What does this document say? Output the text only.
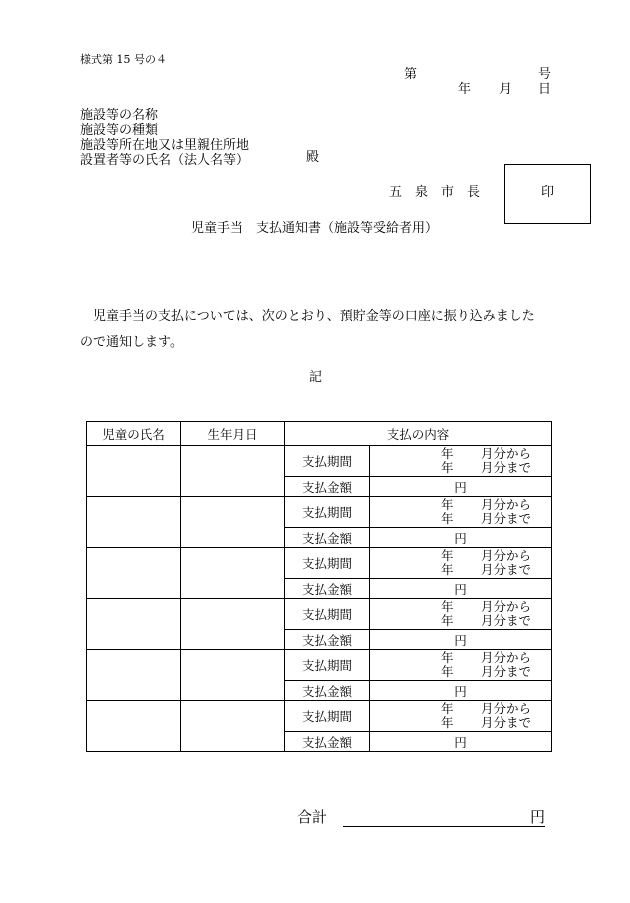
様式第 15 号の４
第	号
年 月 日
施設等の名称
施設等の種類
施設等所在地又は里親住所地
設置者等の氏名（法人名等）	殿
五 泉 市 長	印
児童手当 支払通知書（施設等受給者用）

児童手当の支払については、次のとおり、預貯金等の口座に振り込みました

ので通知します。
記
児童の氏名	生年月日	支払の内容	
		支払期間	年 月分から
年 月分まで

		支払金額	円
		支払期間	年 月分から
年 月分まで

		支払金額	円
		支払期間	年 月分から
年 月分まで

		支払金額	円
		支払期間	年 月分から
年 月分まで

		支払金額	円
		支払期間	年 月分から
年 月分まで

		支払金額	円
		支払期間	年 月分から
年 月分まで

		支払金額	円
合計	円
